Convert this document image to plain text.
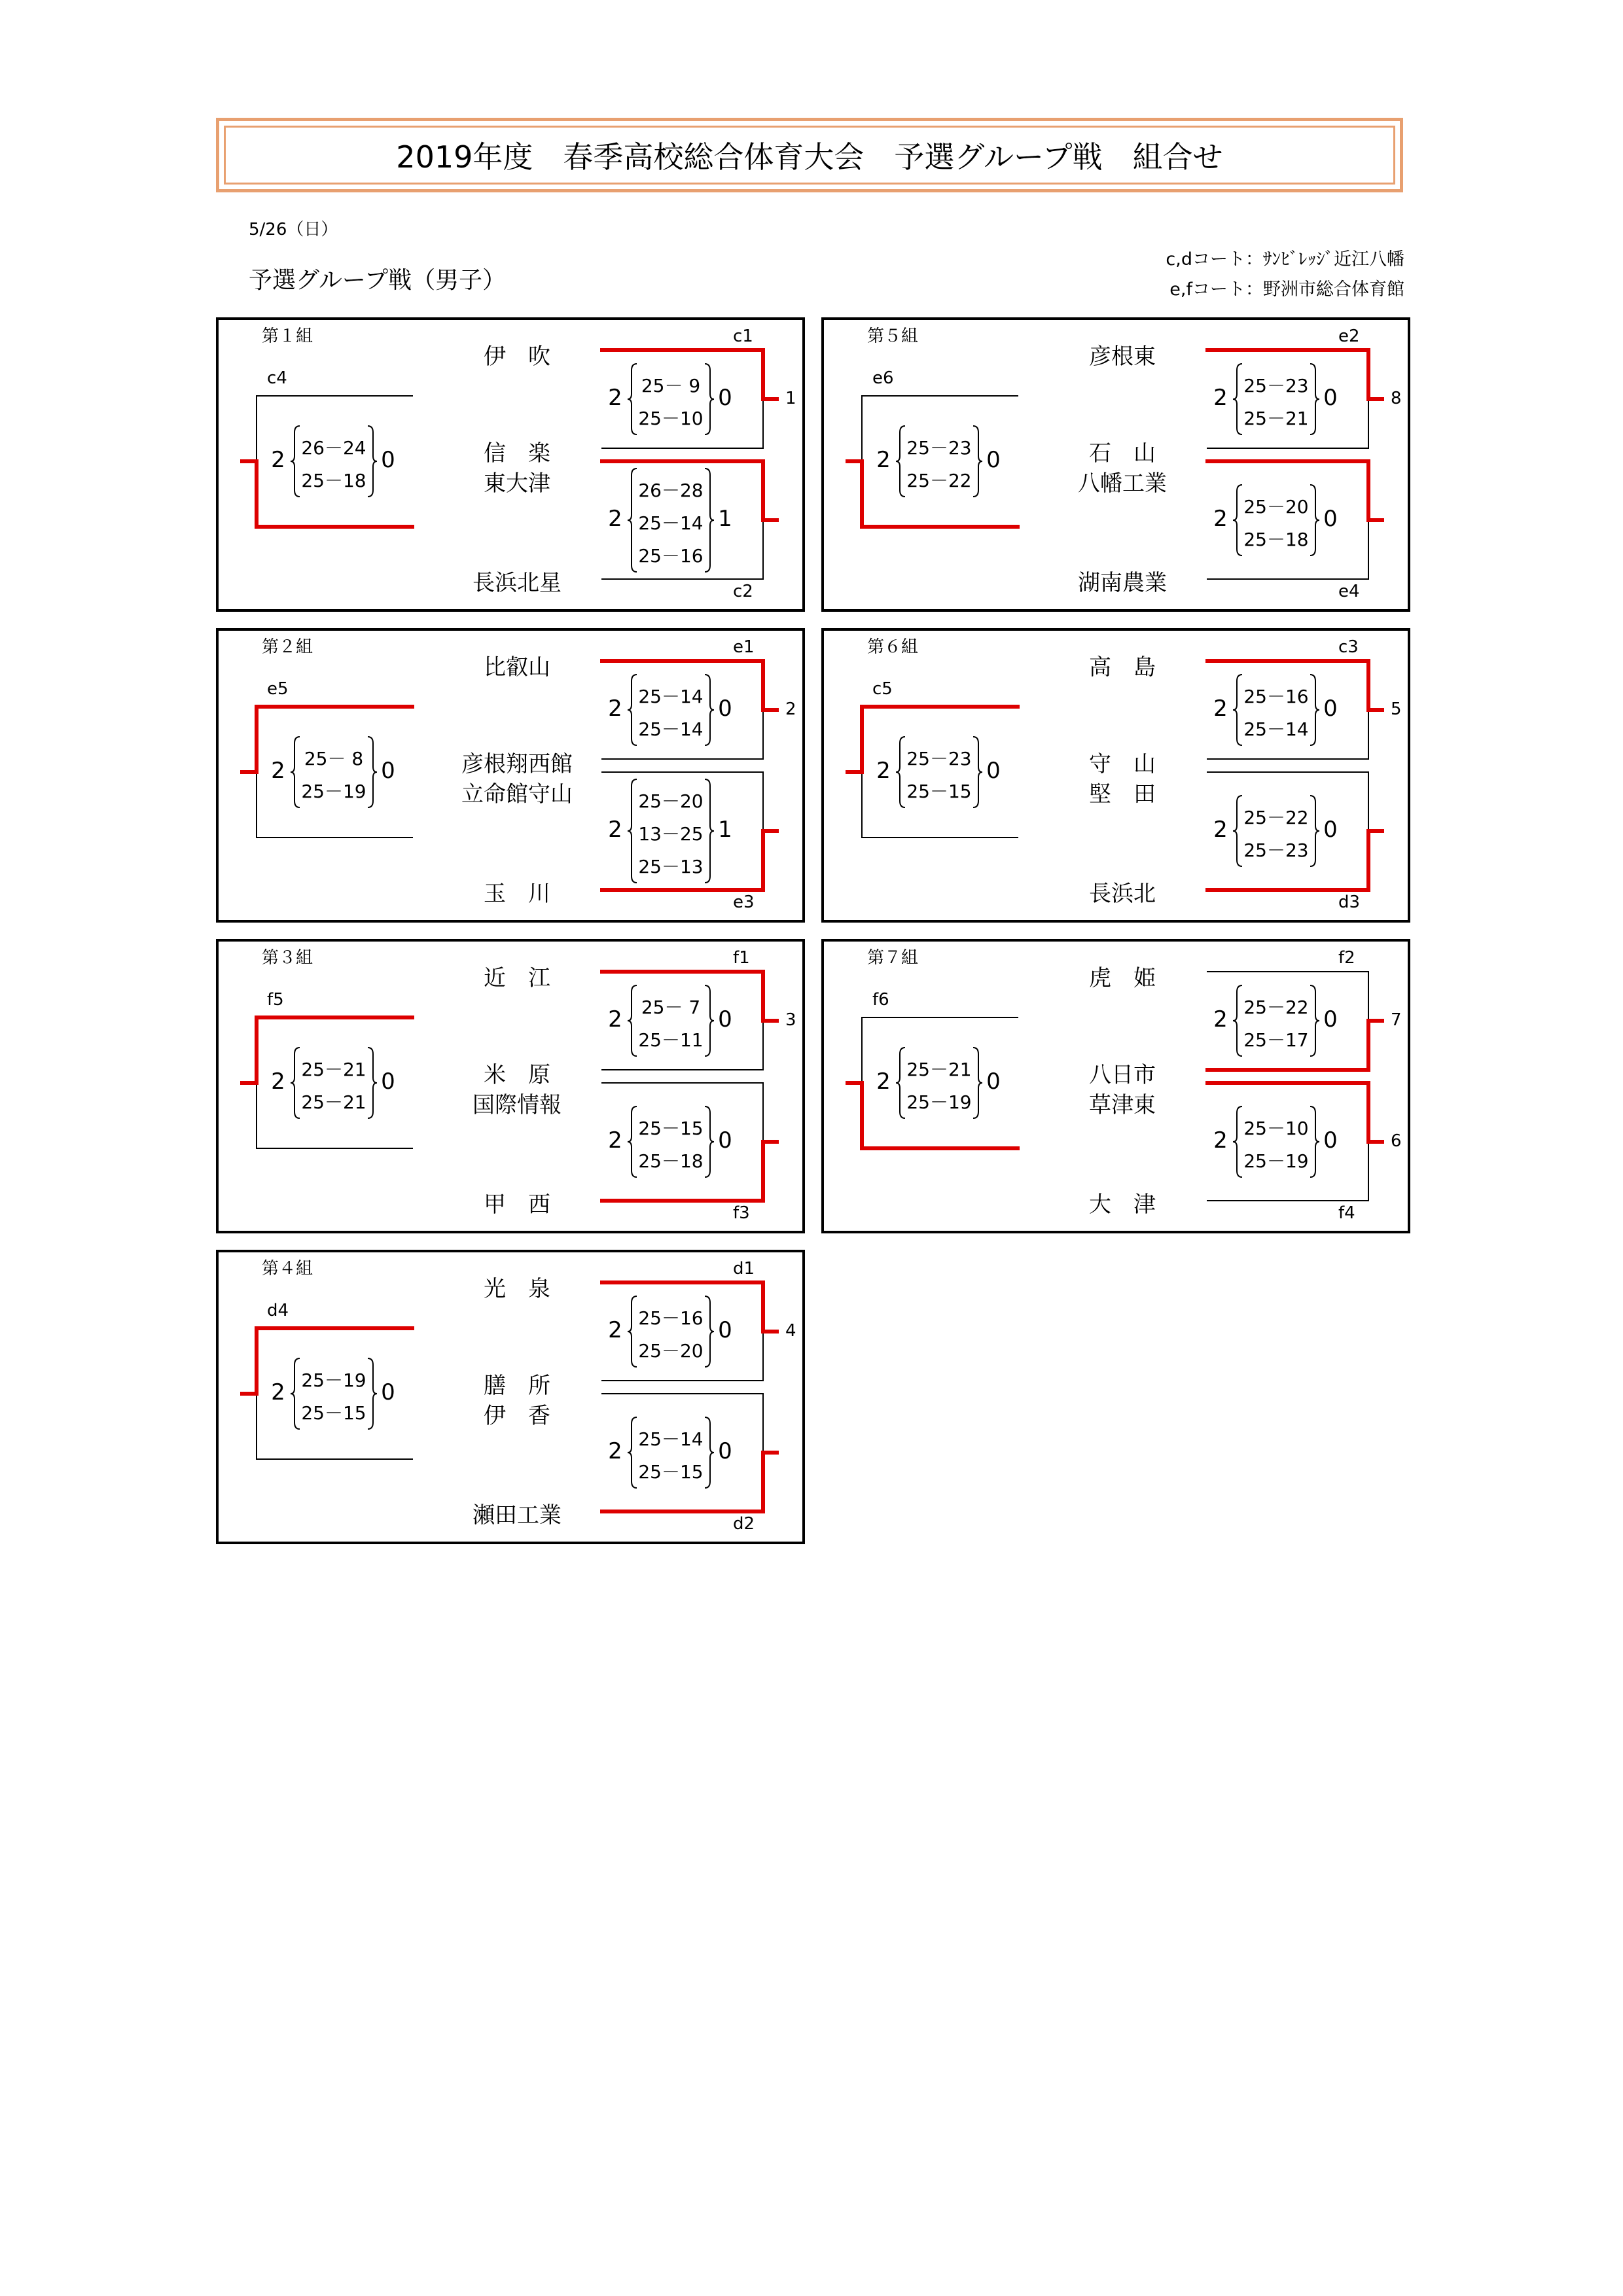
2019年度　春季高校総合体育大会　予選グループ戦　組合せ
5/26（日）
予選グループ戦（男子）
c,dコート：ｻﾝﾋﾞﾚｯｼﾞ近江八幡
e,fコート：野洲市総合体育館
第１組
伊　吹
信　楽
東大津
長浜北星
2	0
25－ 9
25－10
c1
1
2	1
26－28
25－14
25－16
c2
2	0
26－24
25－18
c4
第２組
比叡山
彦根翔西館
立命館守山
玉　川
2	0
25－14
25－14
e1
2
2	1
25－20
13－25
25－13
e3
2	0
25－ 8
25－19
e5
第３組
近　江
米　原
国際情報
甲　西
2	0
25－ 7
25－11
f1
3
2	0
25－15
25－18
f3
2	0
25－21
25－21
f5
第４組
光　泉
膳　所
伊　香
瀬田工業
2	0
25－16
25－20
d1
4
2	0
25－14
25－15
d2
2	0
25－19
25－15
d4
第５組
彦根東
石　山
八幡工業
湖南農業
2	0
25－23
25－21
e2
8
2	0
25－20
25－18
e4
2	0
25－23
25－22
e6
第６組
高　島
守　山
堅　田
長浜北
2	0
25－16
25－14
c3
5
2	0
25－22
25－23
d3
2	0
25－23
25－15
c5
第７組
虎　姫
八日市
草津東
大　津
2	0
25－22
25－17
f2
7
2	0
25－10
25－19
f4
6
2	0
25－21
25－19
f6
